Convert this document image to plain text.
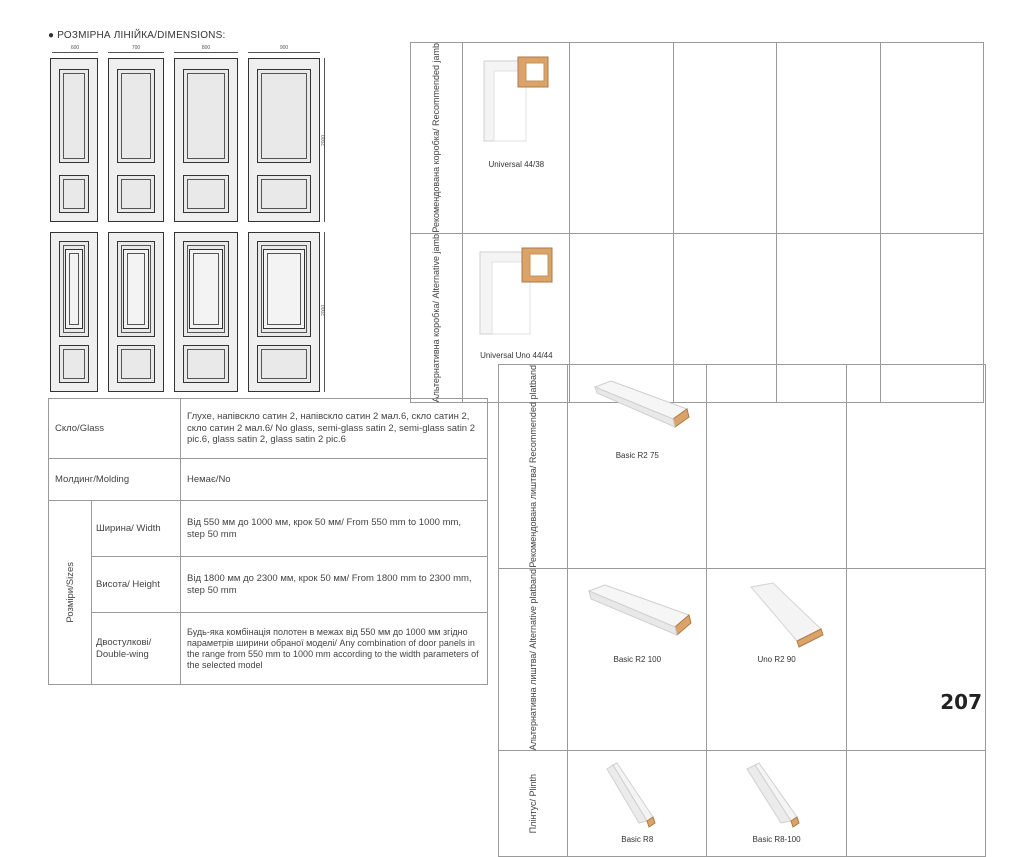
● РОЗМІРНА ЛІНІЙКА/DIMENSIONS:
600	700	800	900
2000
2000
Рекомендована коробка/ Recommended jamb	Universal 44/38				

Альтернативна коробка/ Alternative jamb	Universal Uno 44/44				

Скло/Glass		Глухе, напівскло сатин 2, напівскло сатин 2 мал.6, скло сатин 2, скло сатин 2 мал.6/ No glass, semi-glass satin 2, semi-glass satin 2 pic.6, glass satin 2, glass satin 2 pic.6
Молдинг/Molding		Немає/No

Розміри/Sizes	Ширина/ Width	Від 550 мм до 1000 мм, крок 50 мм/ From 550 mm to 1000 mm, step 50 mm
	Висота/ Height	Від 1800 мм до 2300 мм, крок 50 мм/ From 1800 mm to 2300 mm, step 50 mm
	Двостулкові/ Double-wing	Будь-яка комбінація полотен в межах від 550 мм до 1000 мм згідно параметрів ширини обраної моделі/ Any combination of door panels in the range from 550 mm to 1000 mm according to the width parameters of the selected model
Рекомендована лиштва/ Recommended platband	Basic R2 75		

Альтернативна лиштва/ Alternative platband	Basic R2 100	Uno R2 90	

Плінтус/ Plinth	Basic R8	Basic R8-100	

207
